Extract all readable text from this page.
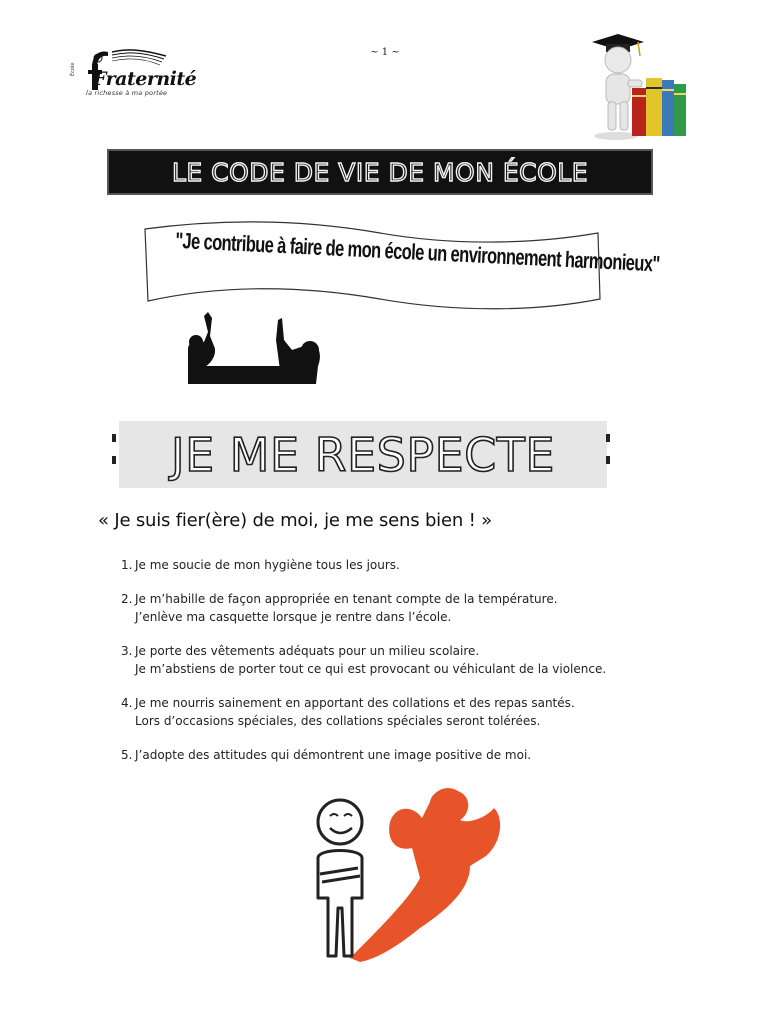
~ 1 ~
Fraternité
la richesse à ma portée
École
LE CODE DE VIE DE MON ÉCOLE
"Je contribue à faire de mon école un environnement harmonieux"
JE ME RESPECTE
« Je suis fier(ère) de moi, je me sens bien ! »
1. Je me soucie de mon hygiène tous les jours.
2. Je m’habille de façon appropriée en tenant compte de la température.
J’enlève ma casquette lorsque je rentre dans l’école.
3. Je porte des vêtements adéquats pour un milieu scolaire.
Je m’abstiens de porter tout ce qui est provocant ou véhiculant de la violence.
4. Je me nourris sainement en apportant des collations et des repas santés.
Lors d’occasions spéciales, des collations spéciales seront tolérées.
5. J’adopte des attitudes qui démontrent une image positive de moi.
